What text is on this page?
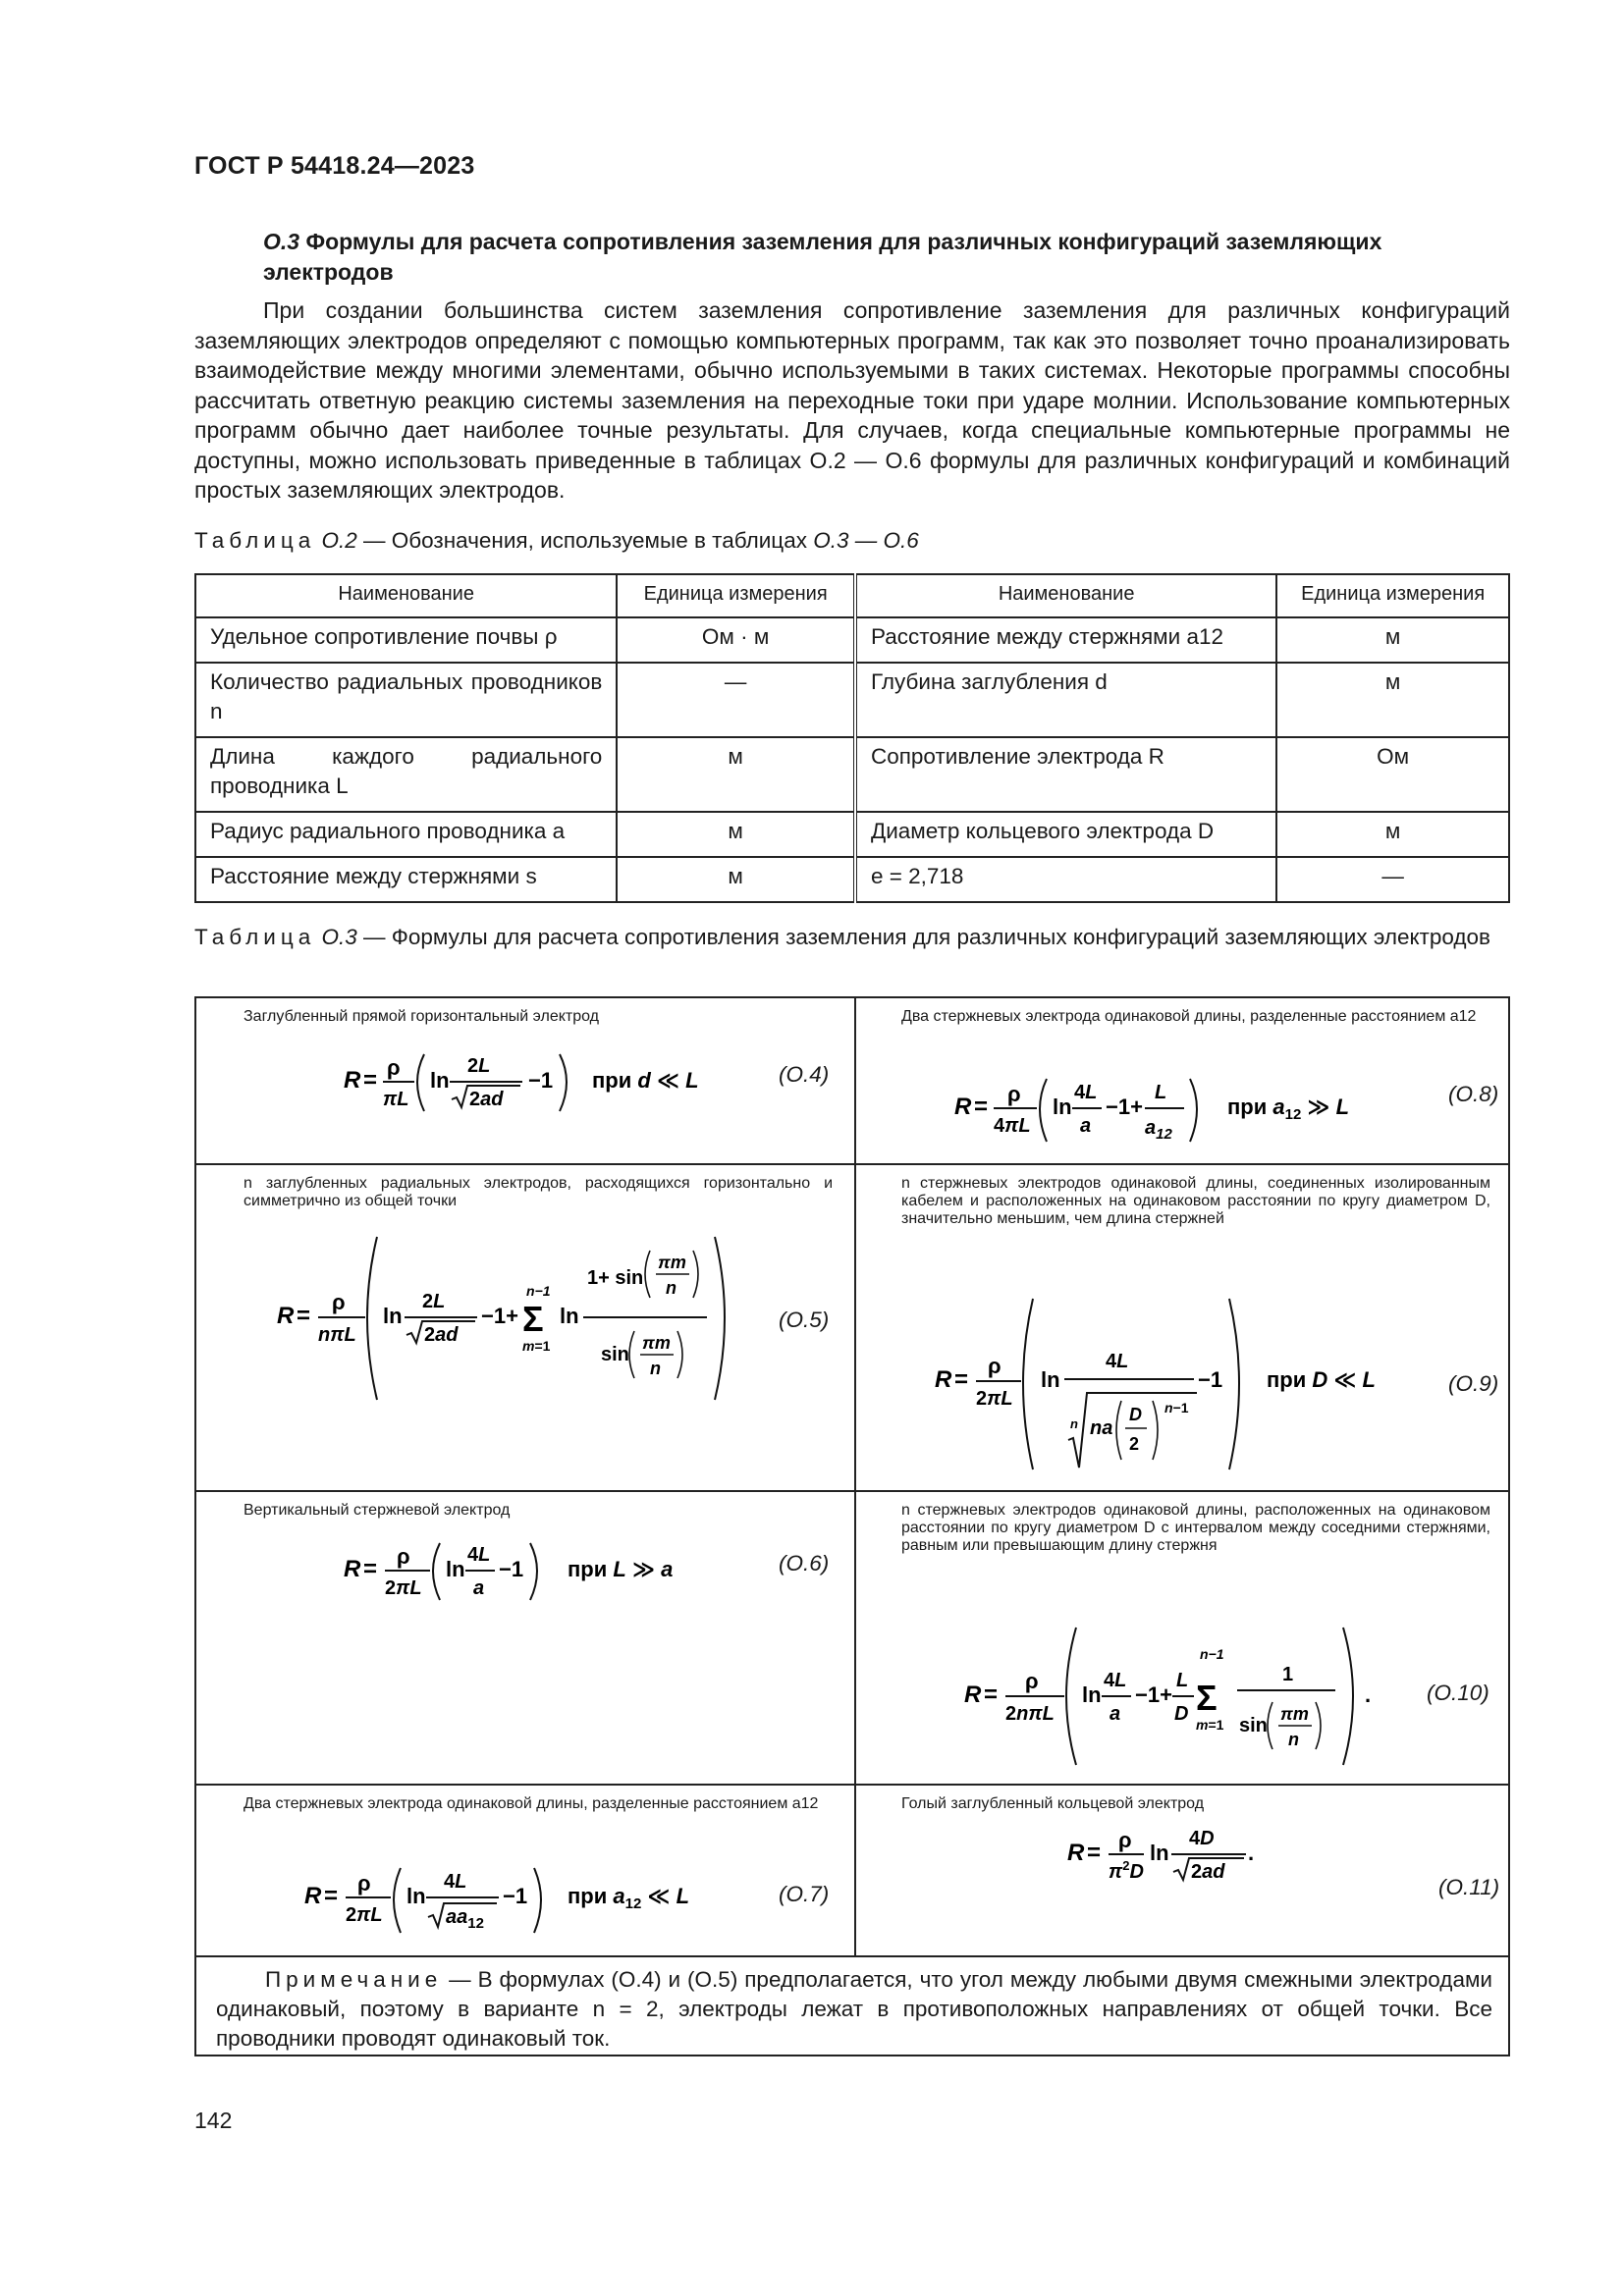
ГОСТ Р 54418.24—2023
O.3 Формулы для расчета сопротивления заземления для различных конфигураций заземляющих электродов
При создании большинства систем заземления сопротивление заземления для различных конфигураций заземляющих электродов определяют с помощью компьютерных программ, так как это позволяет точно проанализировать взаимодействие между многими элементами, обычно используемыми в таких системах. Некоторые программы способны рассчитать ответную реакцию системы заземления на переходные токи при ударе молнии. Использование компьютерных программ обычно дает наиболее точные результаты. Для случаев, когда специальные компьютерные программы не доступны, можно использовать приведенные в таблицах О.2 — О.6 формулы для различных конфигураций и комбинаций простых заземляющих электродов.
Таблица О.2 — Обозначения, используемые в таблицах О.3 — О.6
Наименование	Единица измерения	Наименование	Единица измерения
Удельное сопротивление почвы ρ	Ом · м	Расстояние между стержнями a12	м
Количество радиальных проводников n	—	Глубина заглубления d	м
Длина каждого радиального проводника L	м	Сопротивление электрода R	Ом
Радиус радиального проводника a	м	Диаметр кольцевого электрода D	м
Расстояние между стержнями s	м	e = 2,718	—
Таблица О.3 — Формулы для расчета сопротивления заземления для различных конфигураций заземляющих электродов
Заглубленный прямой горизонтальный электрод
R = ρ
πL
ln
2L
2ad
−1 при d ≪ L	(О.4)
Два стержневых электрода одинаковой длины, разделенные расстоянием a12
R = ρ
4πL
ln
4L
a
−1+
L
$a_{12}$
при $a_{12}$ ≫ L
(О.8)
n заглубленных радиальных электродов, расходящихся горизонтально и симметрично из общей точки
R =
ρ
nπL
ln
2L
2ad
−1+
n−1
Σ
m=1
ln
1+ sin
πm
n
sin
πm
n
(О.5)
n стержневых электродов одинаковой длины, соединенных изолированным кабелем и расположенных на одинаковом расстоянии по кругу диаметром D, значительно меньшим, чем длина стержней
R =
ρ
2πL
ln
4L
n na
D
2
n−1
−1 при D ≪ L	(О.9)
Вертикальный стержневой электрод
R = ρ
2πL
ln
4L
a
−1 при L ≫ a	(О.6)
n стержневых электродов одинаковой длины, расположенных на одинаковом расстоянии по кругу диаметром D с интервалом между соседними стержнями, равным или превышающим длину стержня
R =
ρ
2nπL
ln
4L
a
−1+
L
D
n−1
Σ
m=1
1
sin
πm
n
.	(О.10)
Два стержневых электрода одинаковой длины, разделенные расстоянием a12
R = ρ
2πL
ln
4L
$aa_{12}$
−1 при $a_{12}$ ≪ L	(О.7)
Голый заглубленный кольцевой электрод
R = ρ
$\pi^2D$
ln
4D
2ad
.
(О.11)
Примечание — В формулах (О.4) и (О.5) предполагается, что угол между любыми двумя смежными электродами одинаковый, поэтому в варианте n = 2, электроды лежат в противоположных направлениях от общей точки. Все проводники проводят одинаковый ток.
142
